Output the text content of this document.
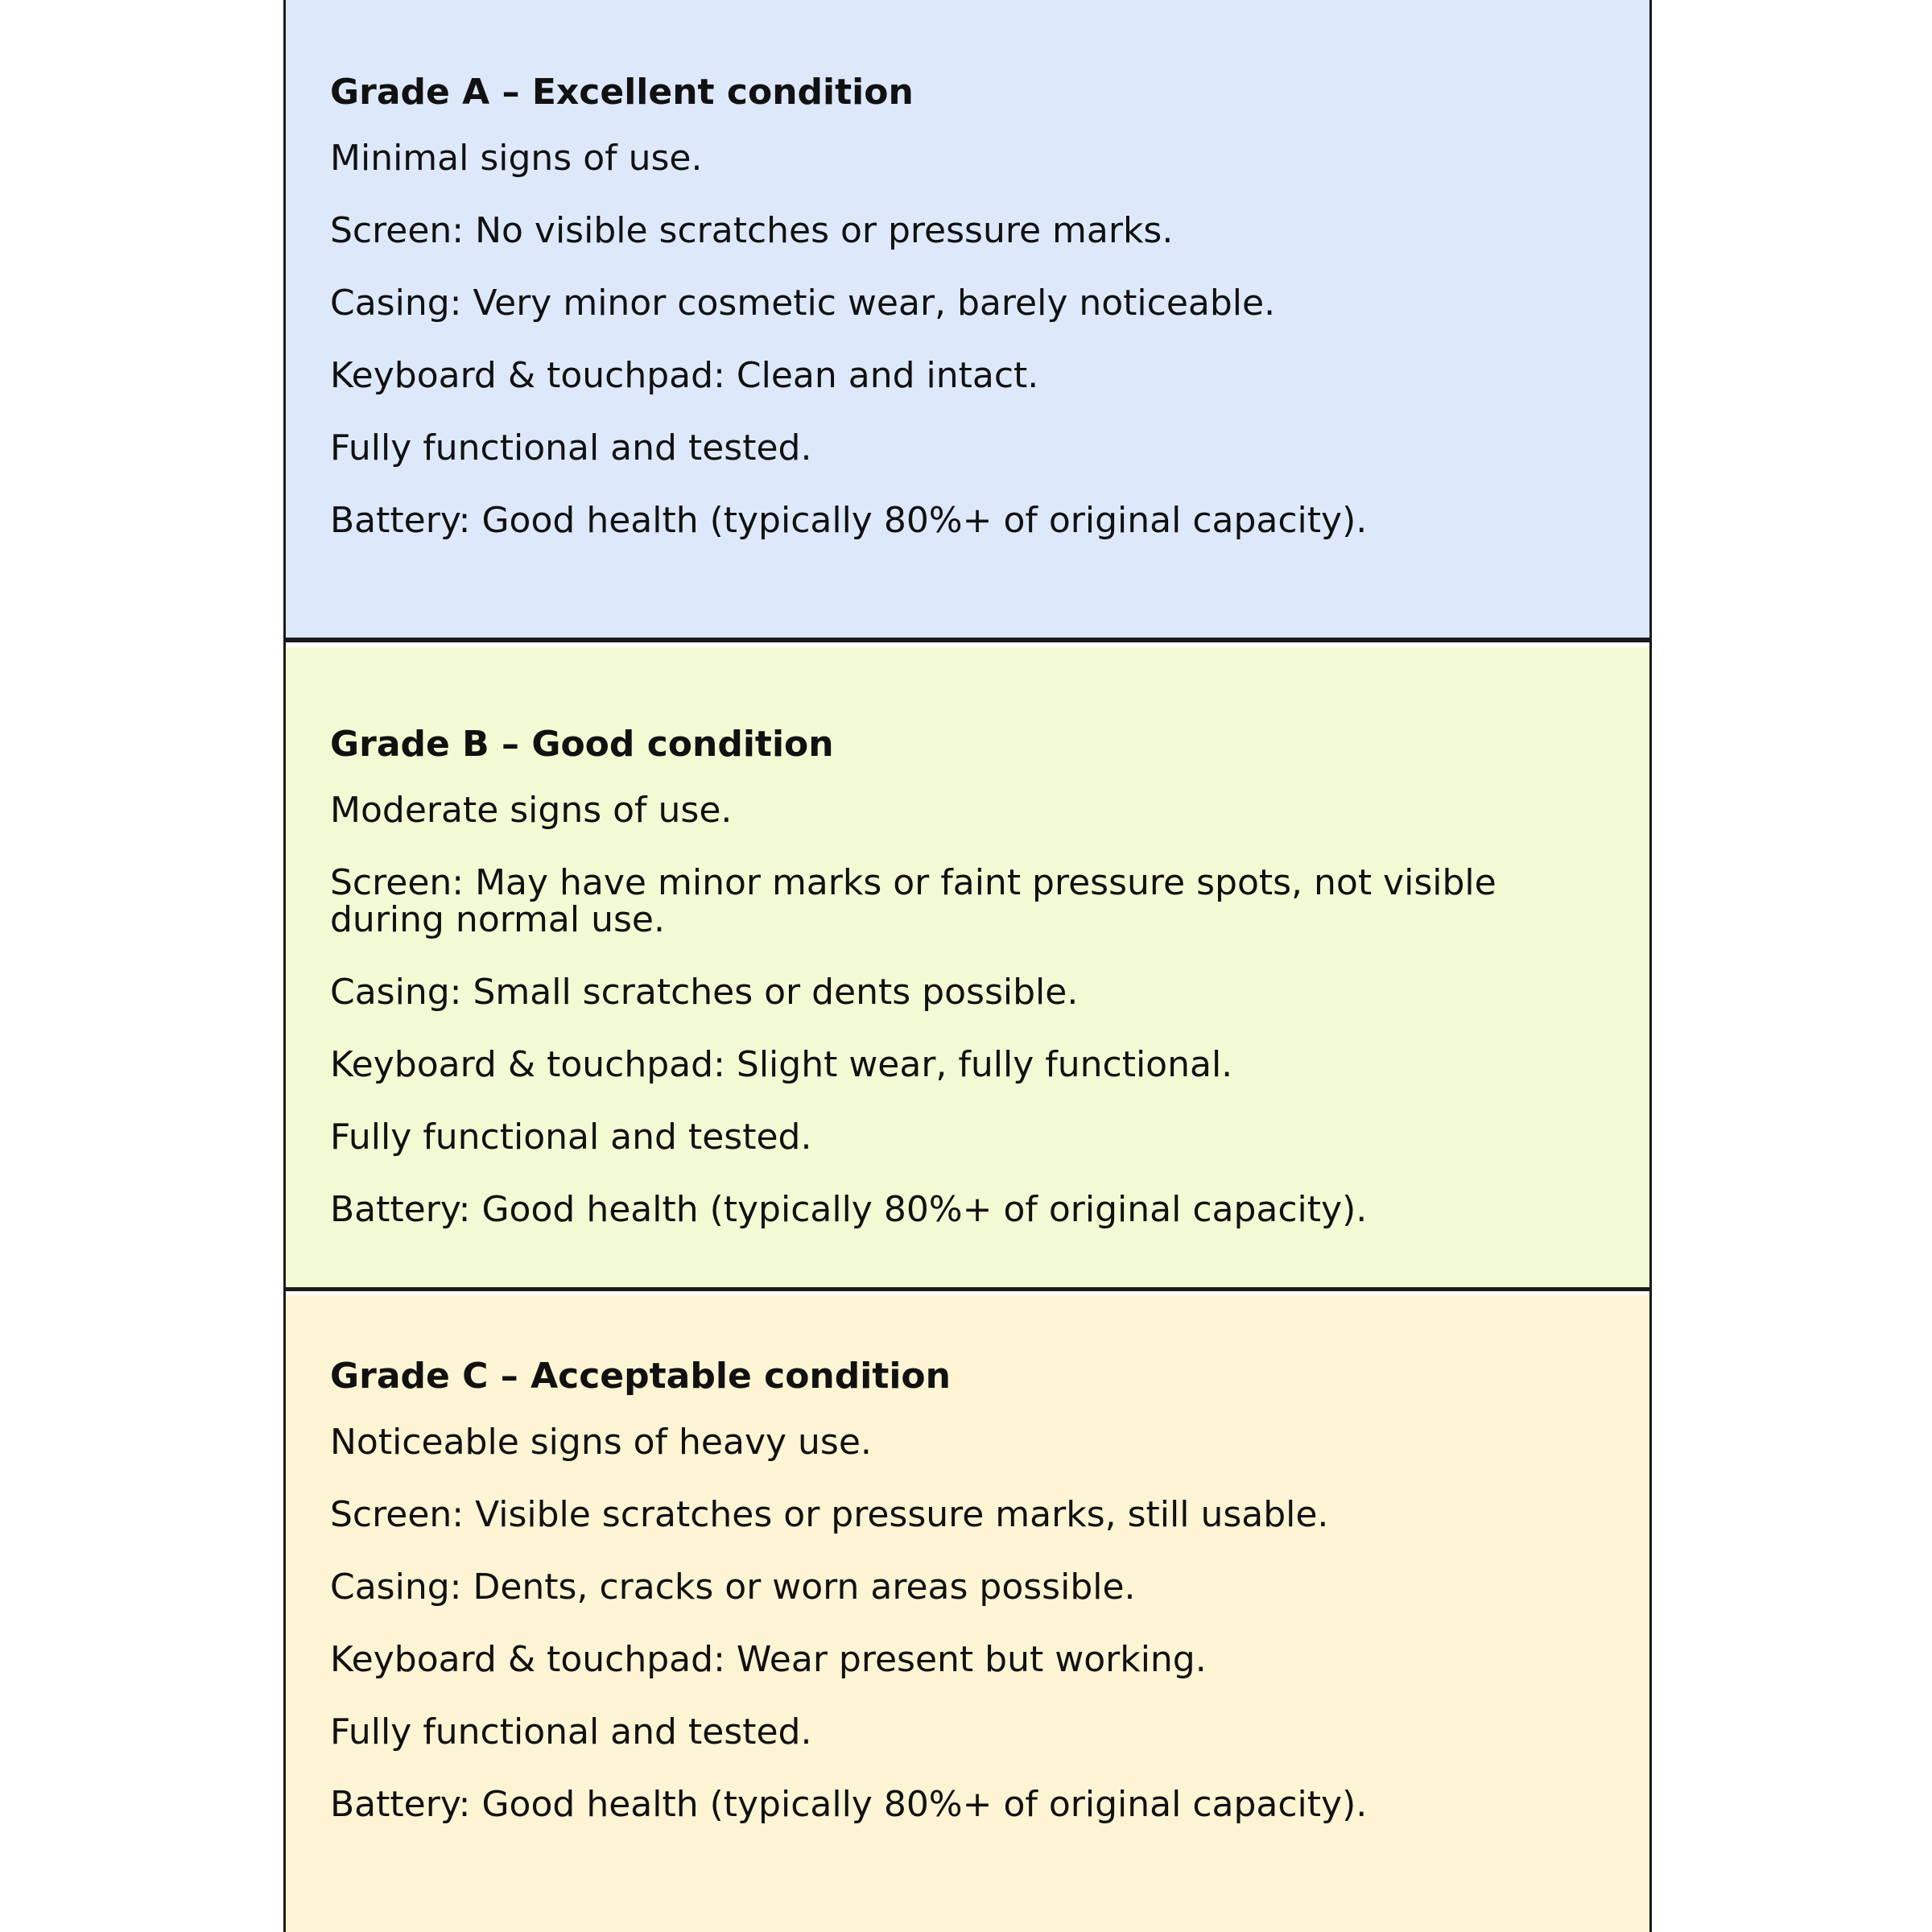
Grade A – Excellent condition

Minimal signs of use.

Screen: No visible scratches or pressure marks.

Casing: Very minor cosmetic wear, barely noticeable.

Keyboard & touchpad: Clean and intact.

Fully functional and tested.

Battery: Good health (typically 80%+ of original capacity).

Grade B – Good condition

Moderate signs of use.

Screen: May have minor marks or faint pressure spots, not visible during normal use.

Casing: Small scratches or dents possible.

Keyboard & touchpad: Slight wear, fully functional.

Fully functional and tested.

Battery: Good health (typically 80%+ of original capacity).

Grade C – Acceptable condition

Noticeable signs of heavy use.

Screen: Visible scratches or pressure marks, still usable.

Casing: Dents, cracks or worn areas possible.

Keyboard & touchpad: Wear present but working.

Fully functional and tested.

Battery: Good health (typically 80%+ of original capacity).
